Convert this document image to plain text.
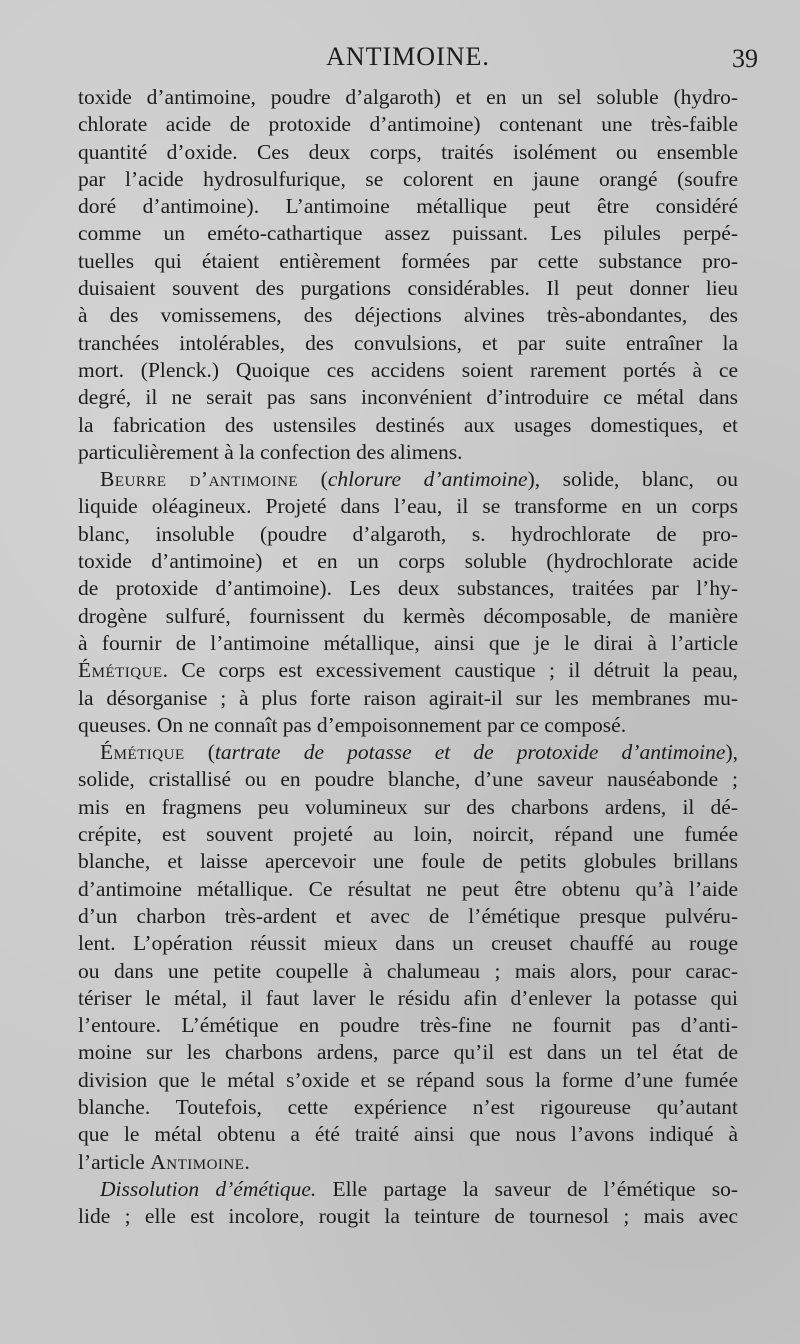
ANTIMOINE.	39
toxide d’antimoine, poudre d’algaroth) et en un sel soluble (hydro-
chlorate acide de protoxide d’antimoine) contenant une très-faible
quantité d’oxide. Ces deux corps, traités isolément ou ensemble
par l’acide hydrosulfurique, se colorent en jaune orangé (soufre
doré d’antimoine). L’antimoine métallique peut être considéré
comme un eméto-cathartique assez puissant. Les pilules perpé-
tuelles qui étaient entièrement formées par cette substance pro-
duisaient souvent des purgations considérables. Il peut donner lieu
à des vomissemens, des déjections alvines très-abondantes, des
tranchées intolérables, des convulsions, et par suite entraîner la
mort. (Plenck.) Quoique ces accidens soient rarement portés à ce
degré, il ne serait pas sans inconvénient d’introduire ce métal dans
la fabrication des ustensiles destinés aux usages domestiques, et
particulièrement à la confection des alimens.
Beurre d’antimoine (chlorure d’antimoine), solide, blanc, ou
liquide oléagineux. Projeté dans l’eau, il se transforme en un corps
blanc, insoluble (poudre d’algaroth, s. hydrochlorate de pro-
toxide d’antimoine) et en un corps soluble (hydrochlorate acide
de protoxide d’antimoine). Les deux substances, traitées par l’hy-
drogène sulfuré, fournissent du kermès décomposable, de manière
à fournir de l’antimoine métallique, ainsi que je le dirai à l’article
Émétique. Ce corps est excessivement caustique ; il détruit la peau,
la désorganise ; à plus forte raison agirait-il sur les membranes mu-
queuses. On ne connaît pas d’empoisonnement par ce composé.
Émétique (tartrate de potasse et de protoxide d’antimoine),
solide, cristallisé ou en poudre blanche, d’une saveur nauséabonde ;
mis en fragmens peu volumineux sur des charbons ardens, il dé-
crépite, est souvent projeté au loin, noircit, répand une fumée
blanche, et laisse apercevoir une foule de petits globules brillans
d’antimoine métallique. Ce résultat ne peut être obtenu qu’à l’aide
d’un charbon très-ardent et avec de l’émétique presque pulvéru-
lent. L’opération réussit mieux dans un creuset chauffé au rouge
ou dans une petite coupelle à chalumeau ; mais alors, pour carac-
tériser le métal, il faut laver le résidu afin d’enlever la potasse qui
l’entoure. L’émétique en poudre très-fine ne fournit pas d’anti-
moine sur les charbons ardens, parce qu’il est dans un tel état de
division que le métal s’oxide et se répand sous la forme d’une fumée
blanche. Toutefois, cette expérience n’est rigoureuse qu’autant
que le métal obtenu a été traité ainsi que nous l’avons indiqué à
l’article Antimoine.
Dissolution d’émétique. Elle partage la saveur de l’émétique so-
lide ; elle est incolore, rougit la teinture de tournesol ; mais avec
